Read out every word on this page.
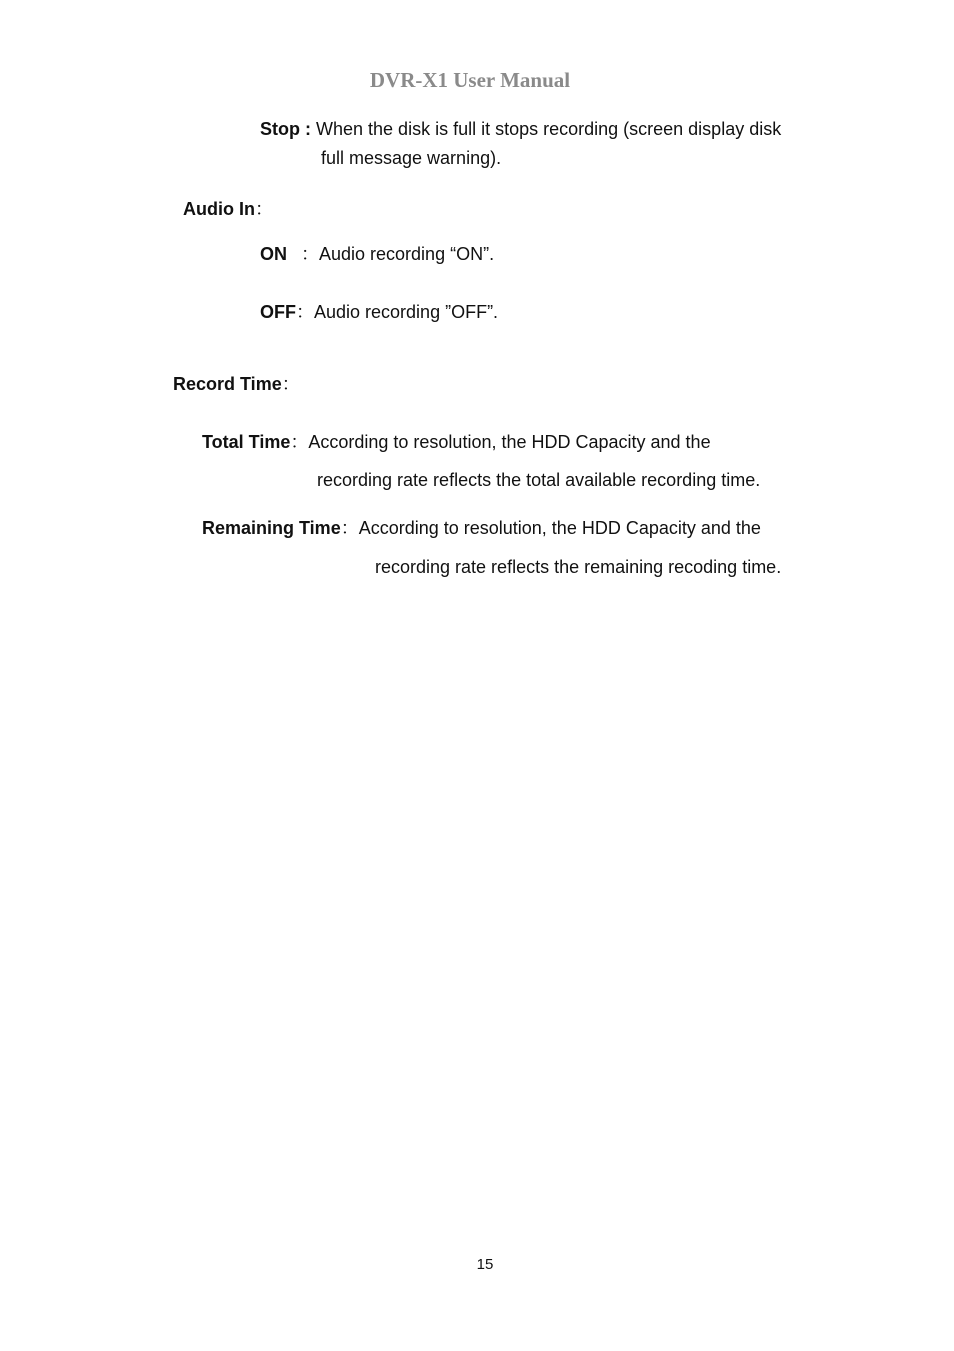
DVR-X1 User Manual
Stop : When the disk is full it stops recording (screen display disk
full message warning).
Audio In：
ON ：Audio recording “ON”.
OFF：Audio recording ”OFF”.
Record Time：
Total Time：According to resolution, the HDD Capacity and the
recording rate reflects the total available recording time.
Remaining Time：According to resolution, the HDD Capacity and the
recording rate reflects the remaining recoding time.
15
